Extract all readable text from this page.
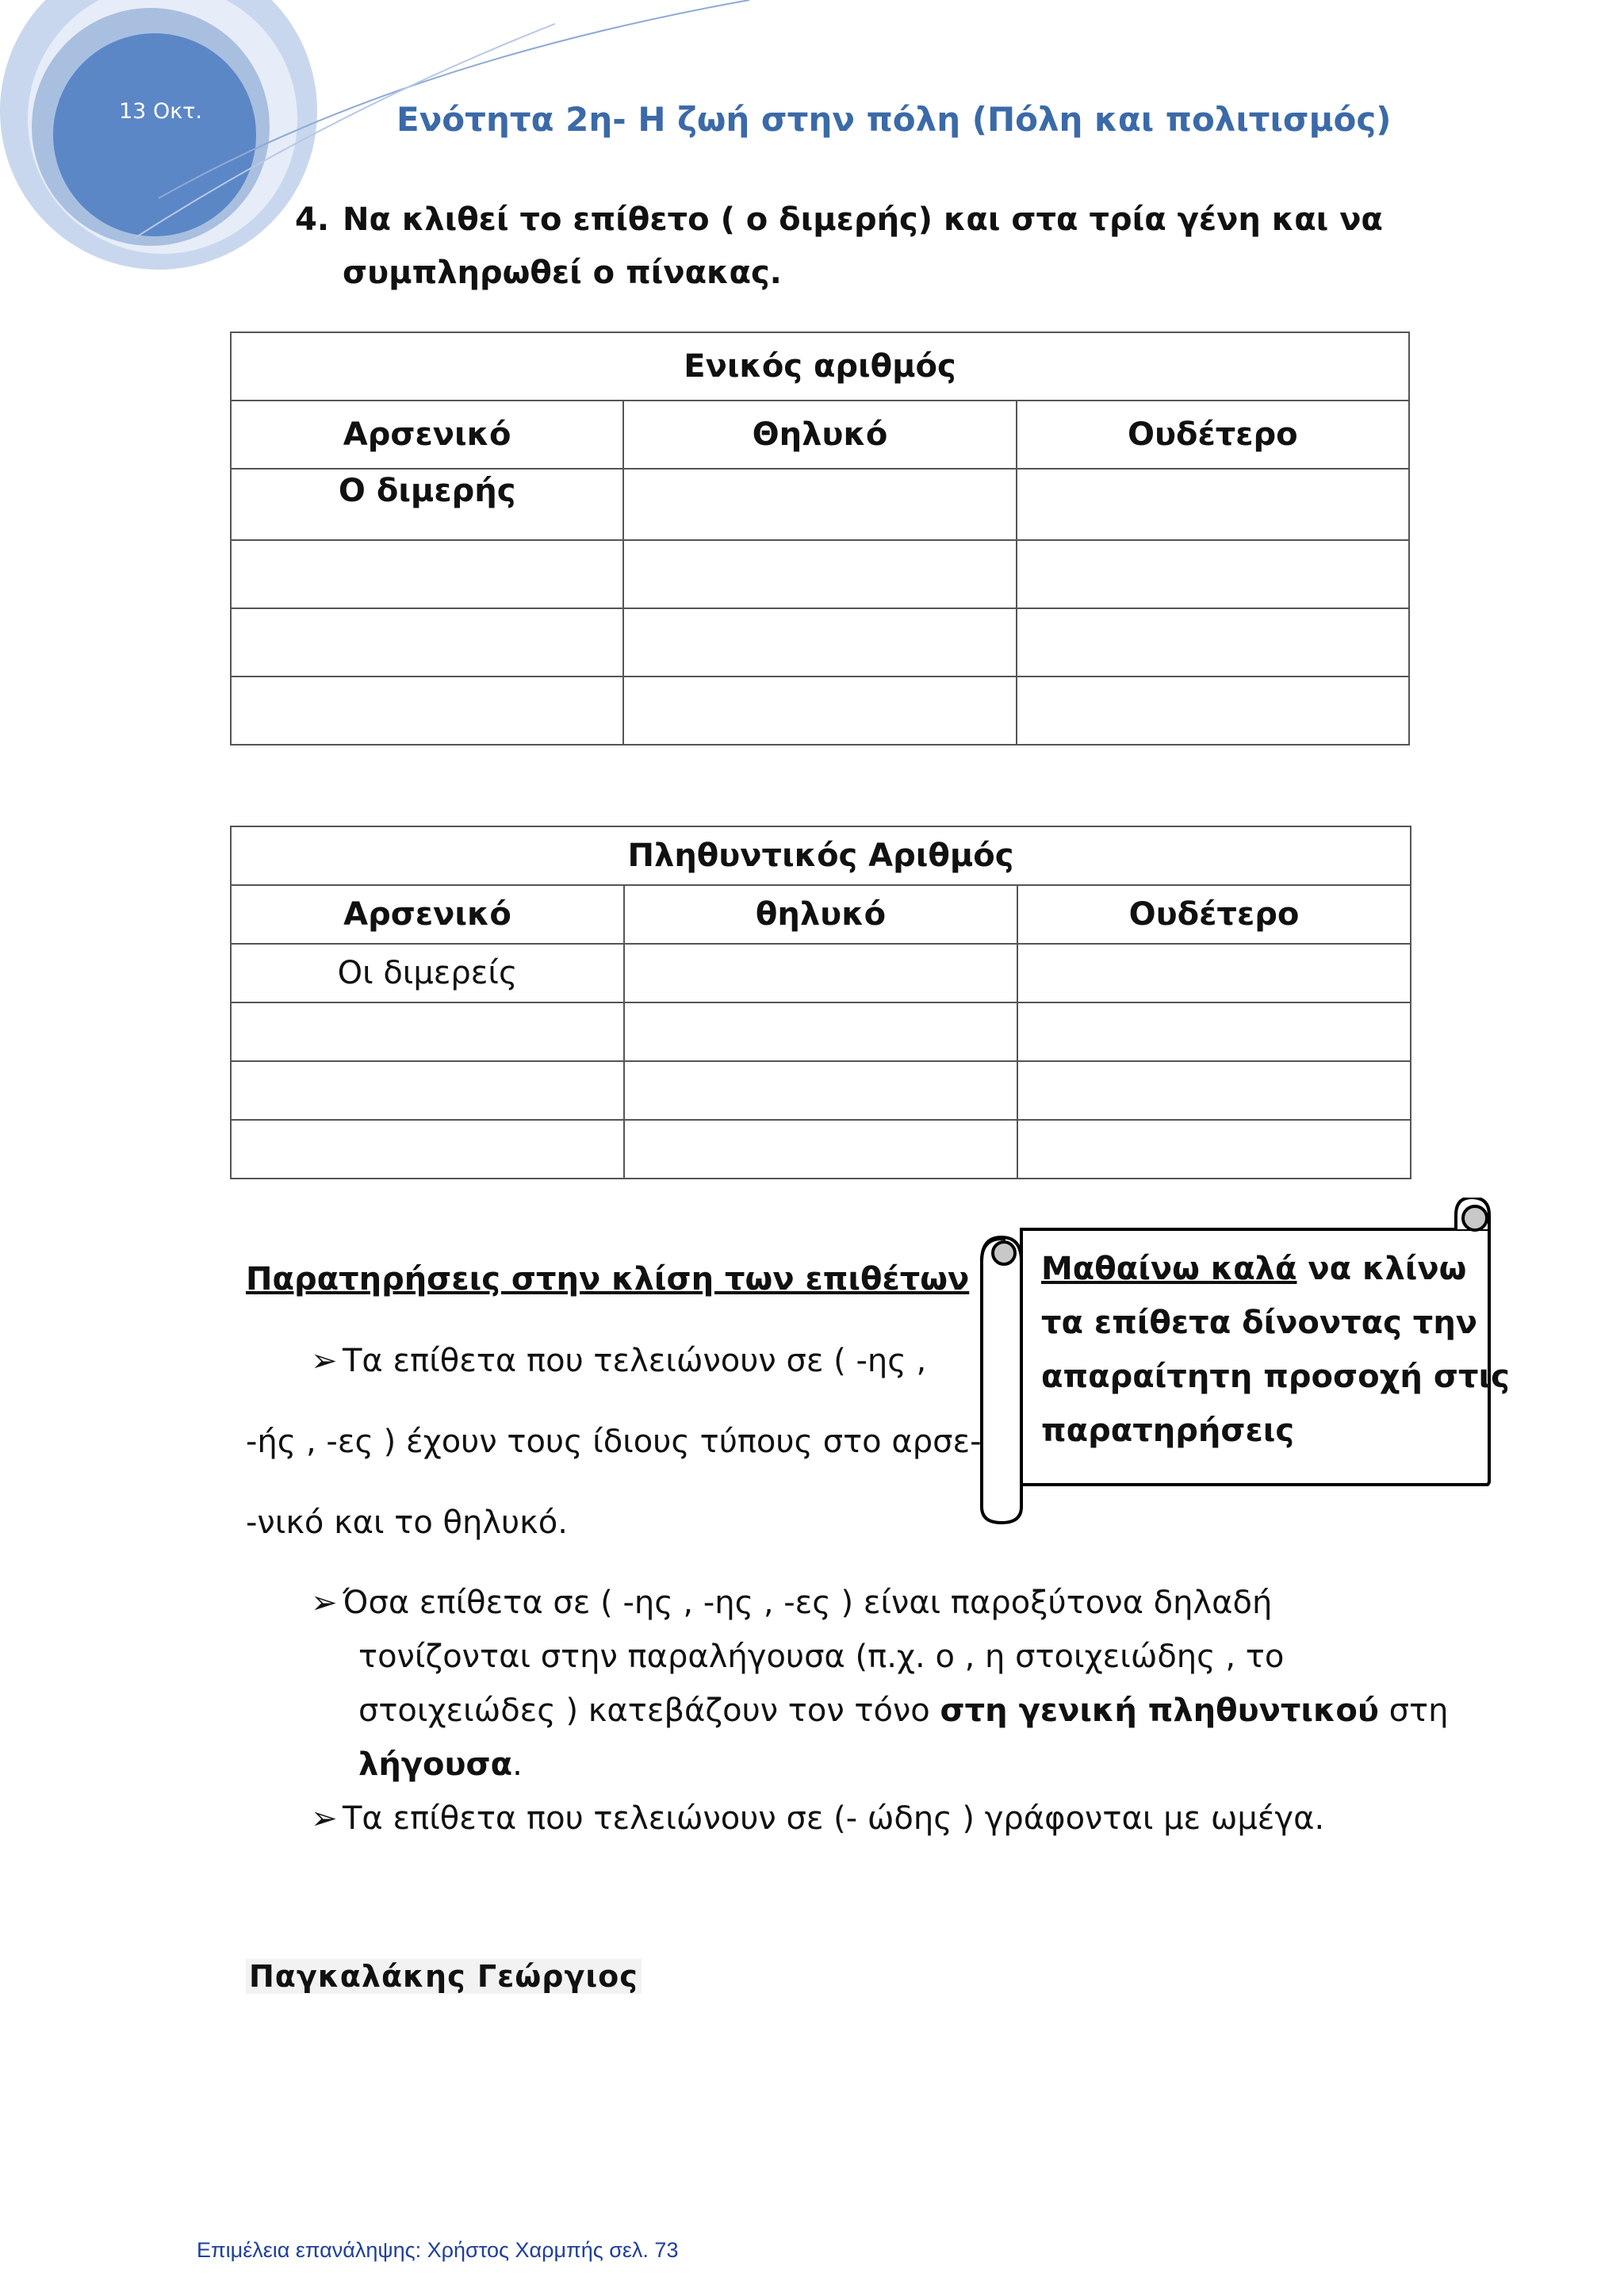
13 Οκτ.	Ενότητα 2η- Η ζωή στην πόλη (Πόλη και πολιτισμός)
4. Να κλιθεί το επίθετο ( ο διμερής) και στα τρία γένη και να
συμπληρωθεί ο πίνακας.
Ενικός αριθμός		
Αρσενικό	Θηλυκό	Ουδέτερο
Ο διμερής		

Πληθυντικός Αριθμός		
Αρσενικό	θηλυκό	Ουδέτερο
Οι διμερείς		

Παρατηρήσεις στην κλίση των επιθέτων
➢ Τα επίθετα που τελειώνουν σε ( -ης ,
-ής , -ες ) έχουν τους ίδιους τύπους στο αρσε-
-νικό και το θηλυκό.
➢ Όσα επίθετα σε ( -ης , -ης , -ες ) είναι παροξύτονα δηλαδή
τονίζονται στην παραλήγουσα (π.χ. ο , η στοιχειώδης , το
στοιχειώδες ) κατεβάζουν τον τόνο στη γενική πληθυντικού στη
λήγουσα.
➢ Τα επίθετα που τελειώνουν σε (- ώδης ) γράφονται με ωμέγα.
Μαθαίνω καλά να κλίνω
τα επίθετα δίνοντας την
απαραίτητη προσοχή στις
παρατηρήσεις
Παγκαλάκης Γεώργιος
Επιμέλεια επανάληψης: Χρήστος Χαρμπής σελ. 73
